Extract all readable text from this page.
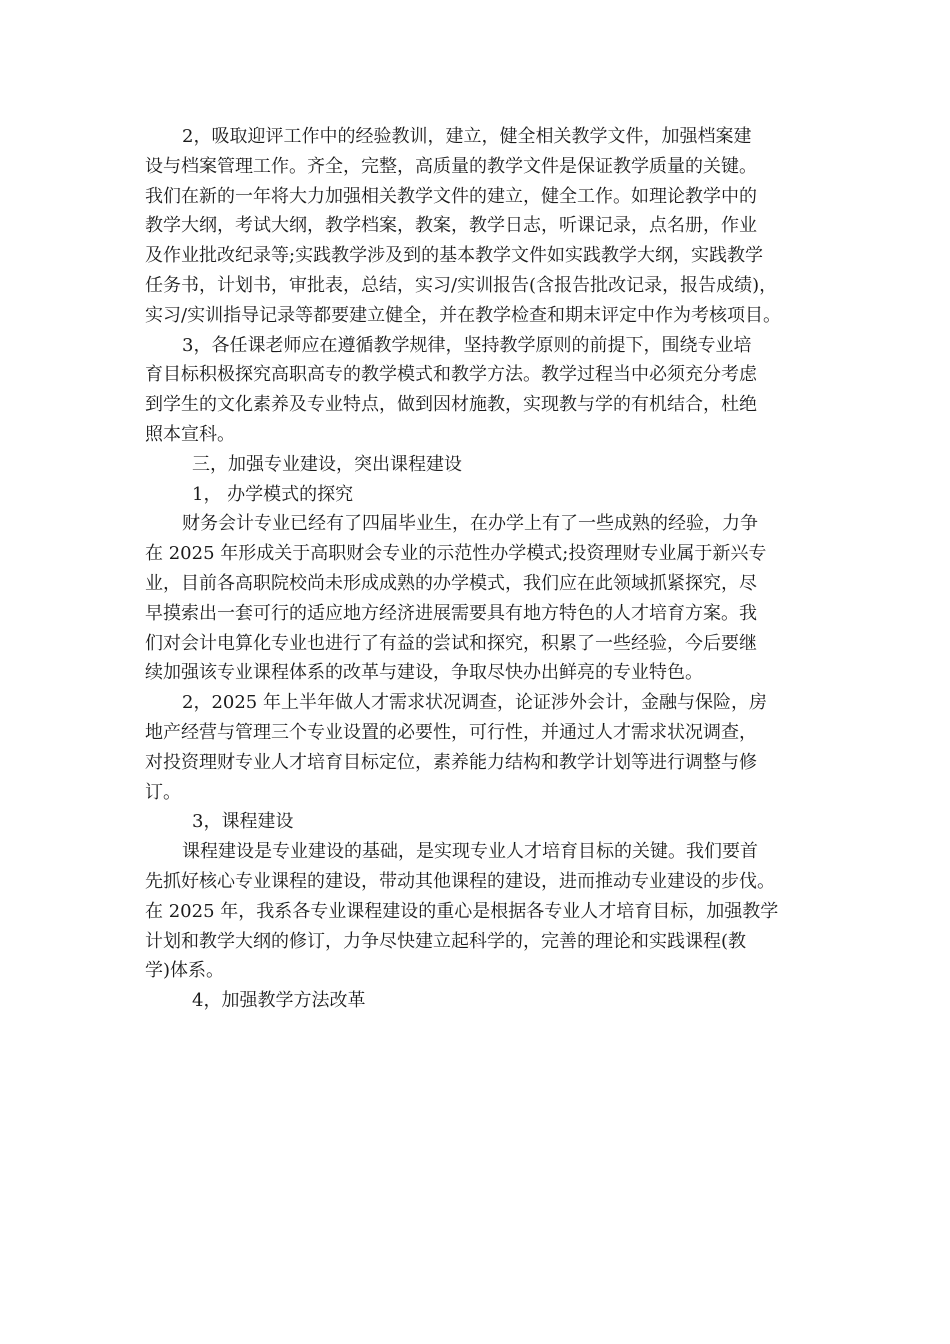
2，吸取迎评工作中的经验教训，建立，健全相关教学文件，加强档案建
设与档案管理工作。齐全，完整，高质量的教学文件是保证教学质量的关键。
我们在新的一年将大力加强相关教学文件的建立，健全工作。如理论教学中的
教学大纲，考试大纲，教学档案，教案，教学日志，听课记录，点名册，作业
及作业批改纪录等;实践教学涉及到的基本教学文件如实践教学大纲，实践教学
任务书，计划书，审批表，总结，实习/实训报告(含报告批改记录，报告成绩)，
实习/实训指导记录等都要建立健全，并在教学检查和期末评定中作为考核项目。
3，各任课老师应在遵循教学规律，坚持教学原则的前提下，围绕专业培
育目标积极探究高职高专的教学模式和教学方法。教学过程当中必须充分考虑
到学生的文化素养及专业特点，做到因材施教，实现教与学的有机结合，杜绝
照本宣科。
三，加强专业建设，突出课程建设
1， 办学模式的探究
财务会计专业已经有了四届毕业生，在办学上有了一些成熟的经验，力争
在 2025 年形成关于高职财会专业的示范性办学模式;投资理财专业属于新兴专
业，目前各高职院校尚未形成成熟的办学模式，我们应在此领域抓紧探究，尽
早摸索出一套可行的适应地方经济进展需要具有地方特色的人才培育方案。我
们对会计电算化专业也进行了有益的尝试和探究，积累了一些经验，今后要继
续加强该专业课程体系的改革与建设，争取尽快办出鲜亮的专业特色。
2，2025 年上半年做人才需求状况调查，论证涉外会计，金融与保险，房
地产经营与管理三个专业设置的必要性，可行性，并通过人才需求状况调查，
对投资理财专业人才培育目标定位，素养能力结构和教学计划等进行调整与修
订。
3，课程建设
课程建设是专业建设的基础，是实现专业人才培育目标的关键。我们要首
先抓好核心专业课程的建设，带动其他课程的建设，进而推动专业建设的步伐。
在 2025 年，我系各专业课程建设的重心是根据各专业人才培育目标，加强教学
计划和教学大纲的修订，力争尽快建立起科学的，完善的理论和实践课程(教
学)体系。
4，加强教学方法改革
